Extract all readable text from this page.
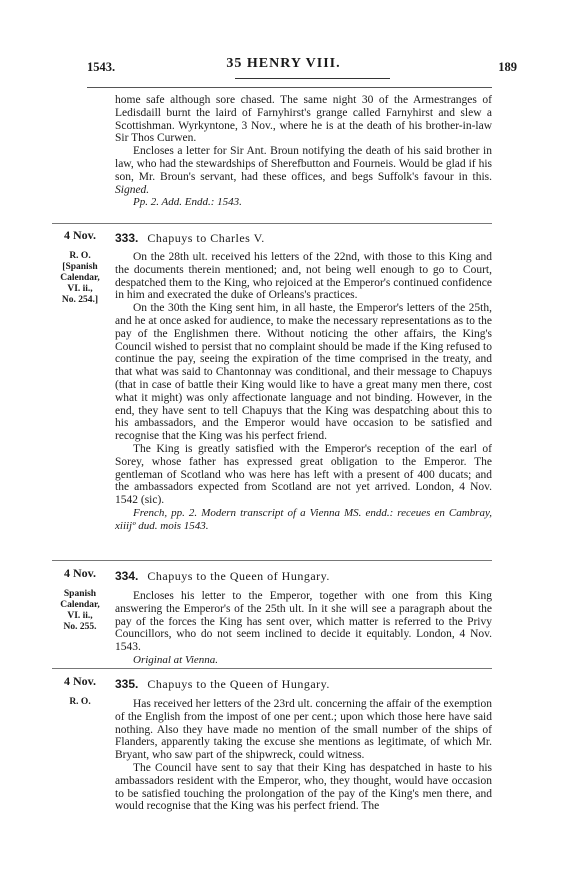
1543.	35 HENRY VIII.	189

home safe although sore chased. The same night 30 of the Armestranges of Ledisdaill burnt the laird of Farnyhirst's grange called Farnyhirst and slew a Scottishman. Wyrkyntone, 3 Nov., where he is at the death of his brother-in-law Sir Thos Curwen.

Encloses a letter for Sir Ant. Broun notifying the death of his said brother in law, who had the stewardships of Sherefbutton and Fourneis. Would be glad if his son, Mr. Broun's servant, had these offices, and begs Suffolk's favour in this. Signed.

Pp. 2. Add. Endd.: 1543.

4 Nov.
R. O.
[Spanish
Calendar,
VI. ii.,
No. 254.]
333. Chapuys to Charles V.

On the 28th ult. received his letters of the 22nd, with those to this King and the documents therein mentioned; and, not being well enough to go to Court, despatched them to the King, who rejoiced at the Emperor's continued confidence in him and execrated the duke of Orleans's practices.

On the 30th the King sent him, in all haste, the Emperor's letters of the 25th, and he at once asked for audience, to make the necessary representations as to the pay of the Englishmen there. Without noticing the other affairs, the King's Council wished to persist that no complaint should be made if the King refused to continue the pay, seeing the expiration of the time comprised in the treaty, and that what was said to Chantonnay was conditional, and their message to Chapuys (that in case of battle their King would like to have a great many men there, cost what it might) was only affectionate language and not binding. However, in the end, they have sent to tell Chapuys that the King was despatching about this to his ambassadors, and the Emperor would have occasion to be satisfied and recognise that the King was his perfect friend.

The King is greatly satisfied with the Emperor's reception of the earl of Sorey, whose father has expressed great obligation to the Emperor. The gentleman of Scotland who was here has left with a present of 400 ducats; and the ambassadors expected from Scotland are not yet arrived. London, 4 Nov. 1542 (sic).

French, pp. 2. Modern transcript of a Vienna MS. endd.: receues en Cambray, xiiijº dud. mois 1543.

4 Nov.
Spanish
Calendar,
VI. ii.,
No. 255.
334. Chapuys to the Queen of Hungary.

Encloses his letter to the Emperor, together with one from this King answering the Emperor's of the 25th ult. In it she will see a paragraph about the pay of the forces the King has sent over, which matter is referred to the Privy Councillors, who do not seem inclined to decide it equitably. London, 4 Nov. 1543.

Original at Vienna.

4 Nov.
R. O.
335. Chapuys to the Queen of Hungary.

Has received her letters of the 23rd ult. concerning the affair of the exemption of the English from the impost of one per cent.; upon which those here have said nothing. Also they have made no mention of the small number of the ships of Flanders, apparently taking the excuse she mentions as legitimate, of which Mr. Bryant, who saw part of the shipwreck, could witness.

The Council have sent to say that their King has despatched in haste to his ambassadors resident with the Emperor, who, they thought, would have occasion to be satisfied touching the prolongation of the pay of the King's men there, and would recognise that the King was his perfect friend. The
